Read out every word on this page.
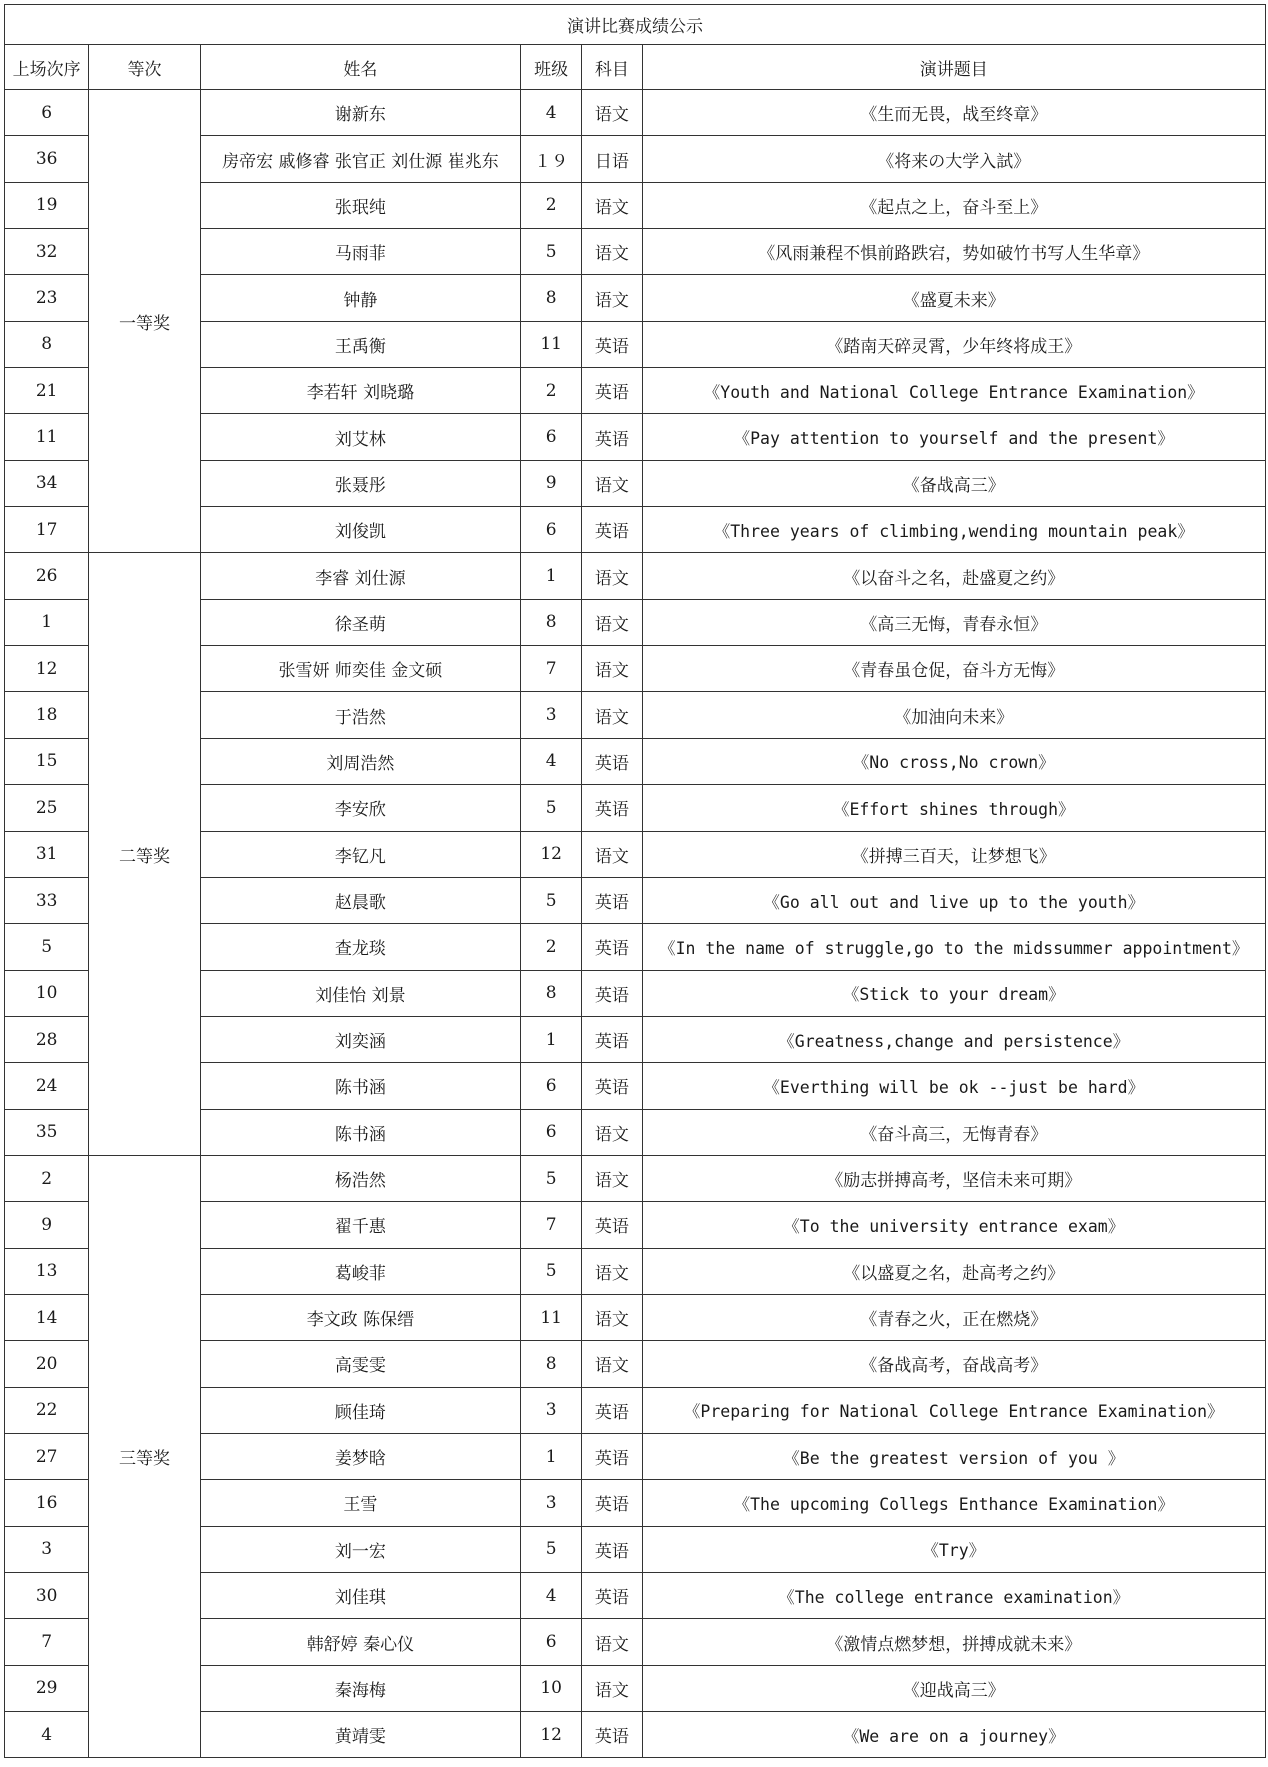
演讲比赛成绩公示					
上场次序	等次	姓名	班级	科目	演讲题目
6	一等奖	谢新东	4	语文	《生而无畏，战至终章》
36		房帝宏 戚修睿 张官正 刘仕源 崔兆东	１９	日语	《将来の大学入試》
19		张珉纯	2	语文	《起点之上，奋斗至上》
32		马雨菲	5	语文	《风雨兼程不惧前路跌宕，势如破竹书写人生华章》
23		钟静	8	语文	《盛夏未来》
8		王禹衡	11	英语	《踏南天碎灵霄，少年终将成王》
21		李若轩 刘晓璐	2	英语	《Youth and National College Entrance Examination》
11		刘艾林	6	英语	《Pay attention to yourself and the present》
34		张聂彤	9	语文	《备战高三》
17		刘俊凯	6	英语	《Three years of climbing,wending mountain peak》
26	二等奖	李睿 刘仕源	1	语文	《以奋斗之名，赴盛夏之约》
1		徐圣萌	8	语文	《高三无悔，青春永恒》
12		张雪妍 师奕佳 金文硕	7	语文	《青春虽仓促，奋斗方无悔》
18		于浩然	3	语文	《加油向未来》
15		刘周浩然	4	英语	《No cross,No crown》
25		李安欣	5	英语	《Effort shines through》
31		李钇凡	12	语文	《拼搏三百天，让梦想飞》
33		赵晨歌	5	英语	《Go all out and live up to the youth》
5		查龙琰	2	英语	《In the name of struggle,go to the midssummer appointment》
10		刘佳怡 刘景	8	英语	《Stick to your dream》
28		刘奕涵	1	英语	《Greatness,change and persistence》
24		陈书涵	6	英语	《Everthing will be ok --just be hard》
35		陈书涵	6	语文	《奋斗高三，无悔青春》
2	三等奖	杨浩然	5	语文	《励志拼搏高考，坚信未来可期》
9		翟千惠	7	英语	《To the university entrance exam》
13		葛峻菲	5	语文	《以盛夏之名，赴高考之约》
14		李文政 陈保缙	11	语文	《青春之火，正在燃烧》
20		高雯雯	8	语文	《备战高考，奋战高考》
22		顾佳琦	3	英语	《Preparing for National College Entrance Examination》
27		姜梦晗	1	英语	《Be the greatest version of you 》
16		王雪	3	英语	《The upcoming Collegs Enthance Examination》
3		刘一宏	5	英语	《Try》
30		刘佳琪	4	英语	《The college entrance examination》
7		韩舒婷 秦心仪	6	语文	《激情点燃梦想，拼搏成就未来》
29		秦海梅	10	语文	《迎战高三》
4		黄靖雯	12	英语	《We are on a journey》
